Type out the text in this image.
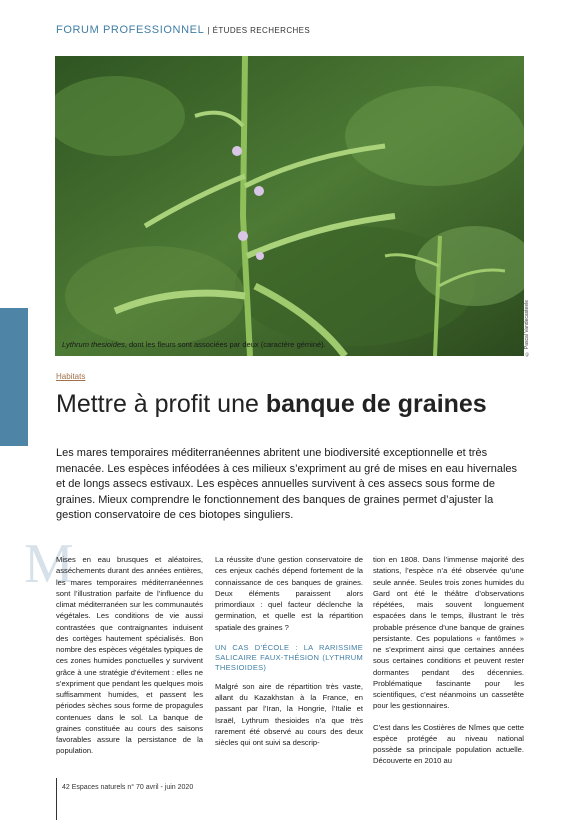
FORUM PROFESSIONNEL | ÉTUDES RECHERCHES
© Pascal Vandecasteele
Lythrum thesioides, dont les fleurs sont associées par deux (caractère géminé).
Habitats
Mettre à profit une banque de graines
Les mares temporaires méditerranéennes abritent une biodiversité exceptionnelle et très menacée. Les espèces inféodées à ces milieux s’expriment au gré de mises en eau hivernales et de longs assecs estivaux. Les espèces annuelles survivent à ces assecs sous forme de graines. Mieux comprendre le fonctionnement des banques de graines permet d’ajuster la gestion conservatoire de ces biotopes singuliers.
M

Mises en eau brusques et aléatoires, asséchements durant des années entières, les mares temporaires méditerranéennes sont l’illustration parfaite de l’influence du climat méditerranéen sur les communautés végétales. Les conditions de vie aussi contrastées que contraignantes induisent des cortèges hautement spécialisés. Bon nombre des espèces végétales typiques de ces zones humides ponctuelles y survivent grâce à une stratégie d’évitement : elles ne s’expriment que pendant les quelques mois suffisamment humides, et passent les périodes sèches sous forme de propagules contenues dans le sol. La banque de graines constituée au cours des saisons favorables assure la persistance de la population.

La réussite d’une gestion conservatoire de ces enjeux cachés dépend fortement de la connaissance de ces banques de graines. Deux éléments paraissent alors primordiaux : quel facteur déclenche la germination, et quelle est la répartition spatiale des graines ?

UN CAS D’ÉCOLE : LA RARISSIME SALICAIRE FAUX-THÉSION (LYTHRUM THESIOIDES)

Malgré son aire de répartition très vaste, allant du Kazakhstan à la France, en passant par l’Iran, la Hongrie, l’Italie et Israël, Lythrum thesioides n’a que très rarement été observé au cours des deux siècles qui ont suivi sa descrip-

tion en 1808. Dans l’immense majorité des stations, l’espèce n’a été observée qu’une seule année. Seules trois zones humides du Gard ont été le théâtre d’observations répétées, mais souvent longuement espacées dans le temps, illustrant le très probable présence d’une banque de graines persistante. Ces populations « fantômes » ne s’expriment ainsi que certaines années sous certaines conditions et peuvent rester dormantes pendant des décennies. Problématique fascinante pour les scientifiques, c’est néanmoins un cassetête pour les gestionnaires.

C’est dans les Costières de Nîmes que cette espèce protégée au niveau national possède sa principale population actuelle. Découverte en 2010 au

42 Espaces naturels n° 70 avril - juin 2020
